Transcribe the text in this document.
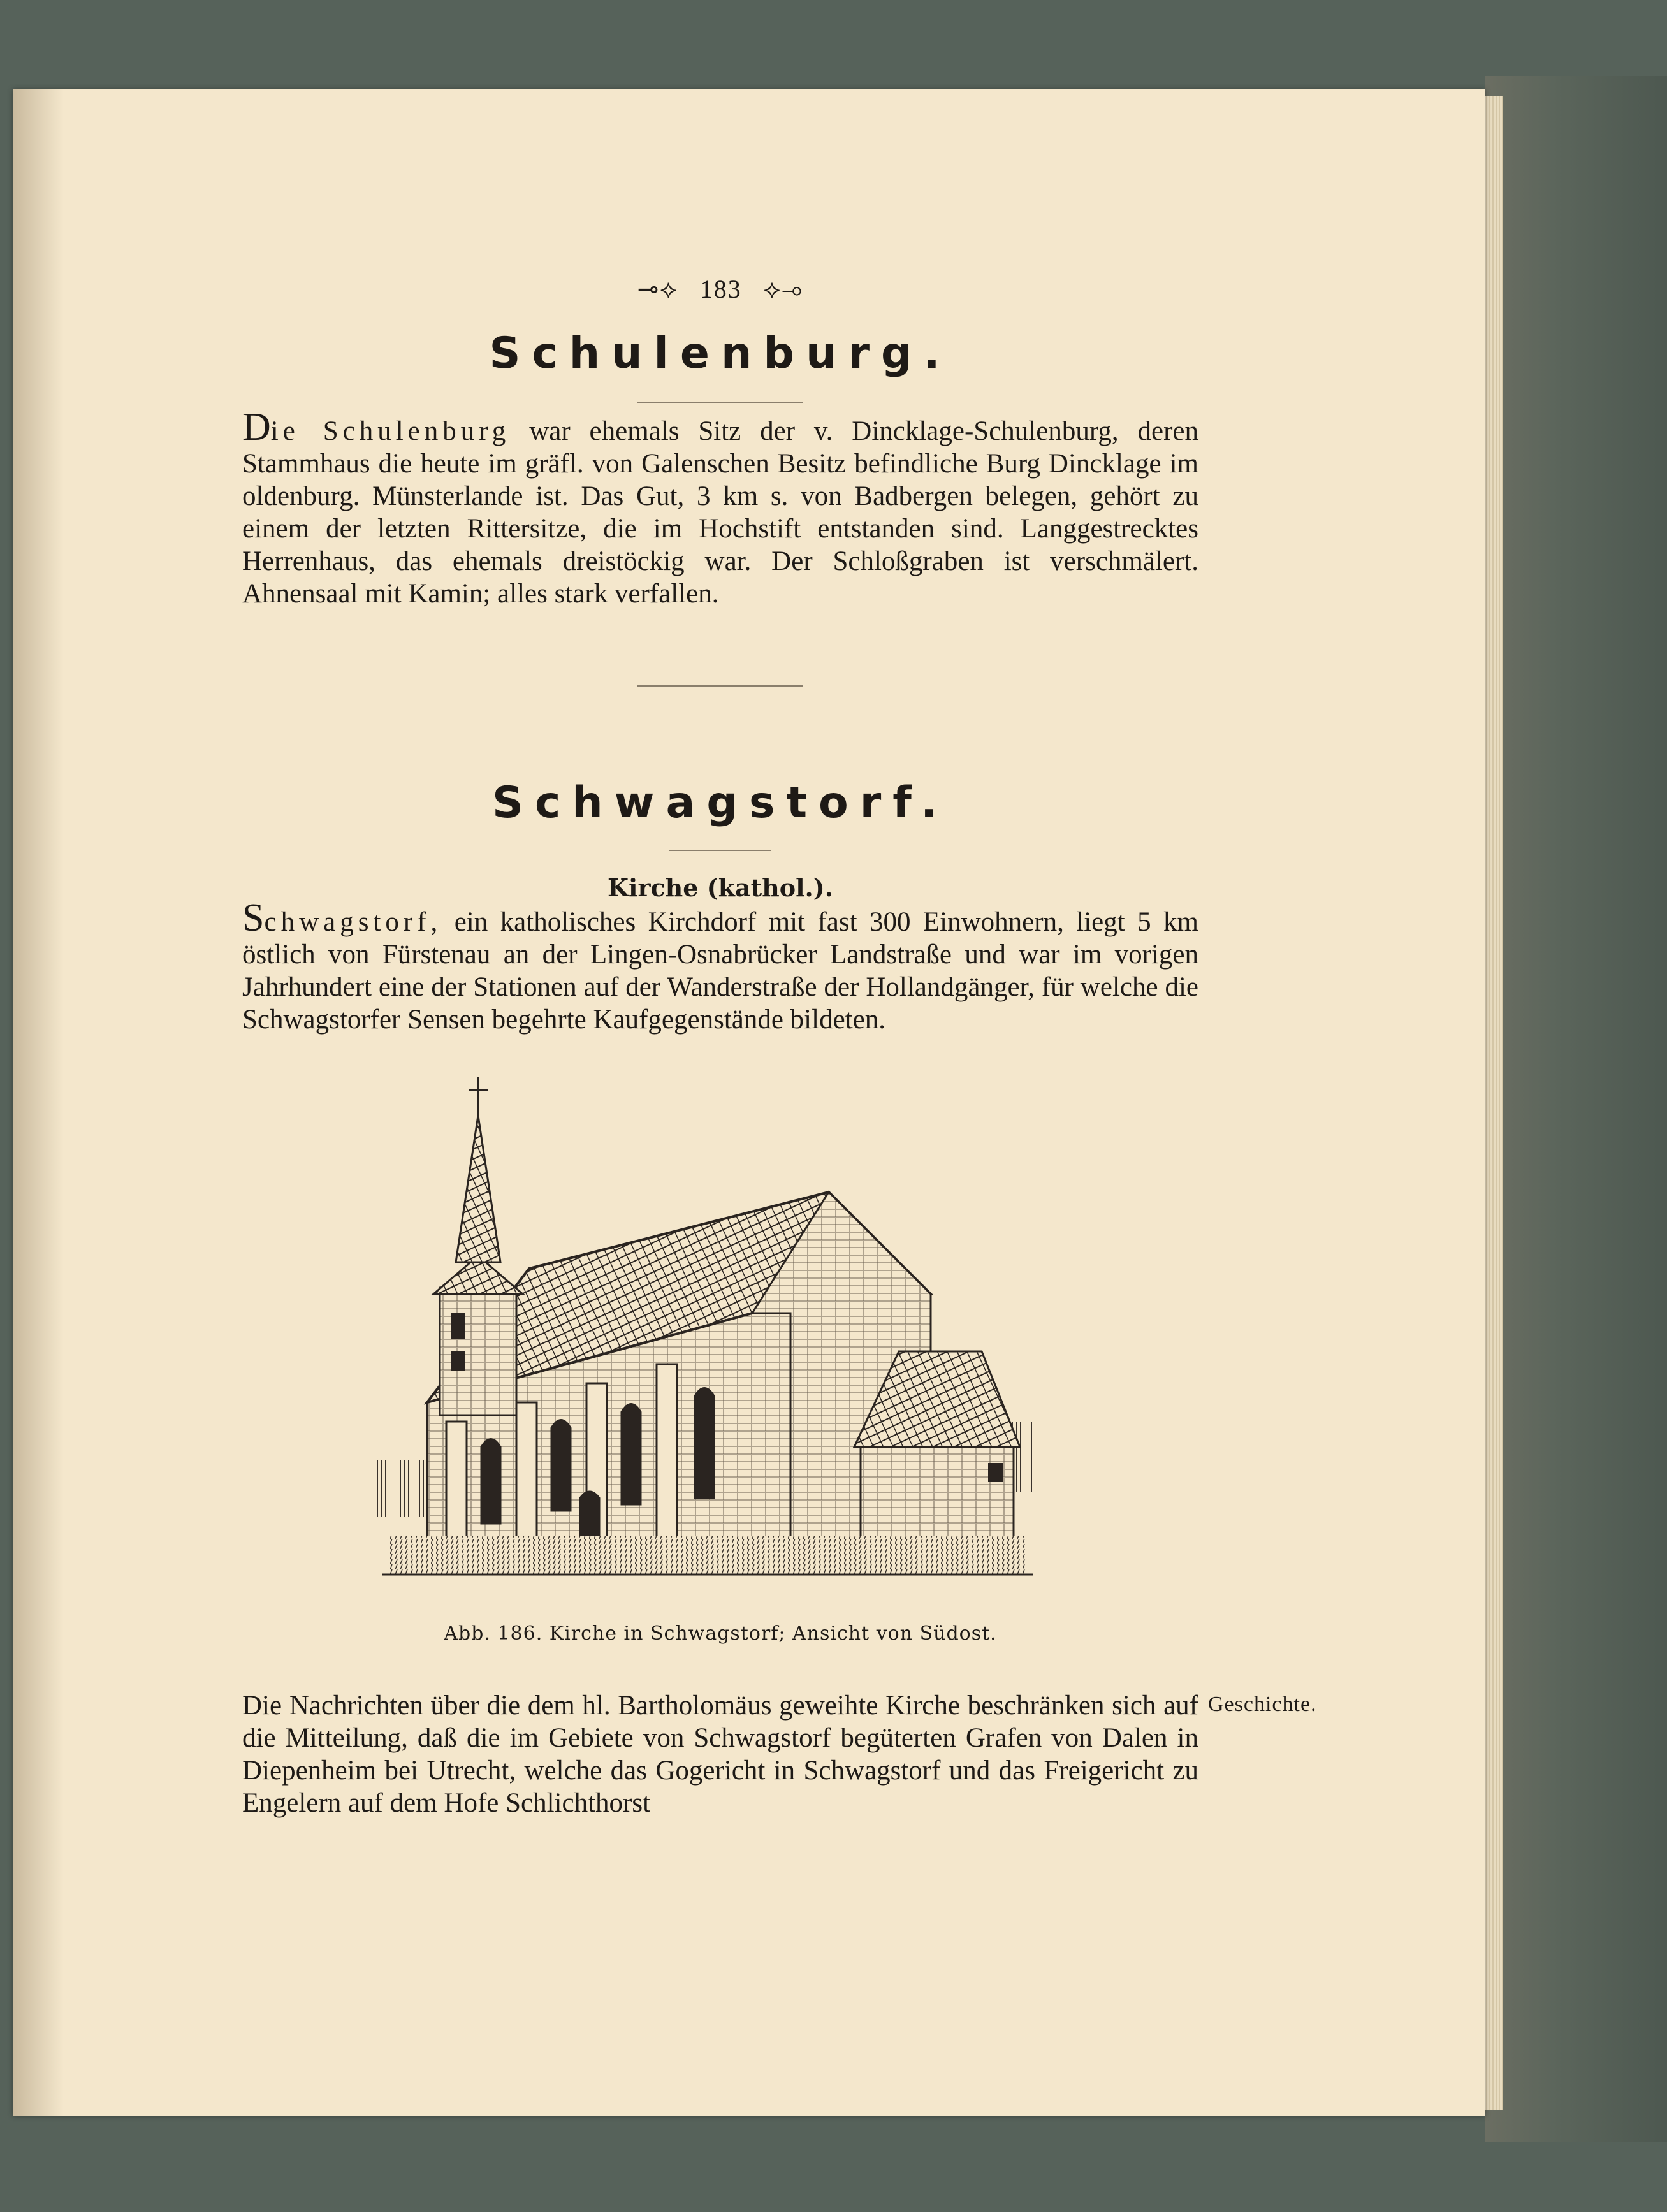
⊸⟡ 183 ⟡⊸
Schulenburg.
Die Schulenburg war ehemals Sitz der v. Dincklage-Schulenburg, deren Stammhaus die heute im gräfl. von Galenschen Besitz befindliche Burg Dincklage im oldenburg. Münsterlande ist. Das Gut, 3 km s. von Badbergen belegen, gehört zu einem der letzten Rittersitze, die im Hochstift entstanden sind. Langgestrecktes Herrenhaus, das ehemals dreistöckig war. Der Schloßgraben ist verschmälert. Ahnensaal mit Kamin; alles stark verfallen.
Schwagstorf.
Kirche (kathol.).
Schwagstorf, ein katholisches Kirchdorf mit fast 300 Einwohnern, liegt 5 km östlich von Fürstenau an der Lingen-Osnabrücker Landstraße und war im vorigen Jahrhundert eine der Stationen auf der Wanderstraße der Hollandgänger, für welche die Schwagstorfer Sensen begehrte Kaufgegenstände bildeten.
Abb. 186. Kirche in Schwagstorf; Ansicht von Südost.
Geschichte.
Die Nachrichten über die dem hl. Bartholomäus geweihte Kirche beschränken sich auf die Mitteilung, daß die im Gebiete von Schwagstorf begüterten Grafen von Dalen in Diepenheim bei Utrecht, welche das Gogericht in Schwagstorf und das Freigericht zu Engelern auf dem Hofe Schlichthorst
